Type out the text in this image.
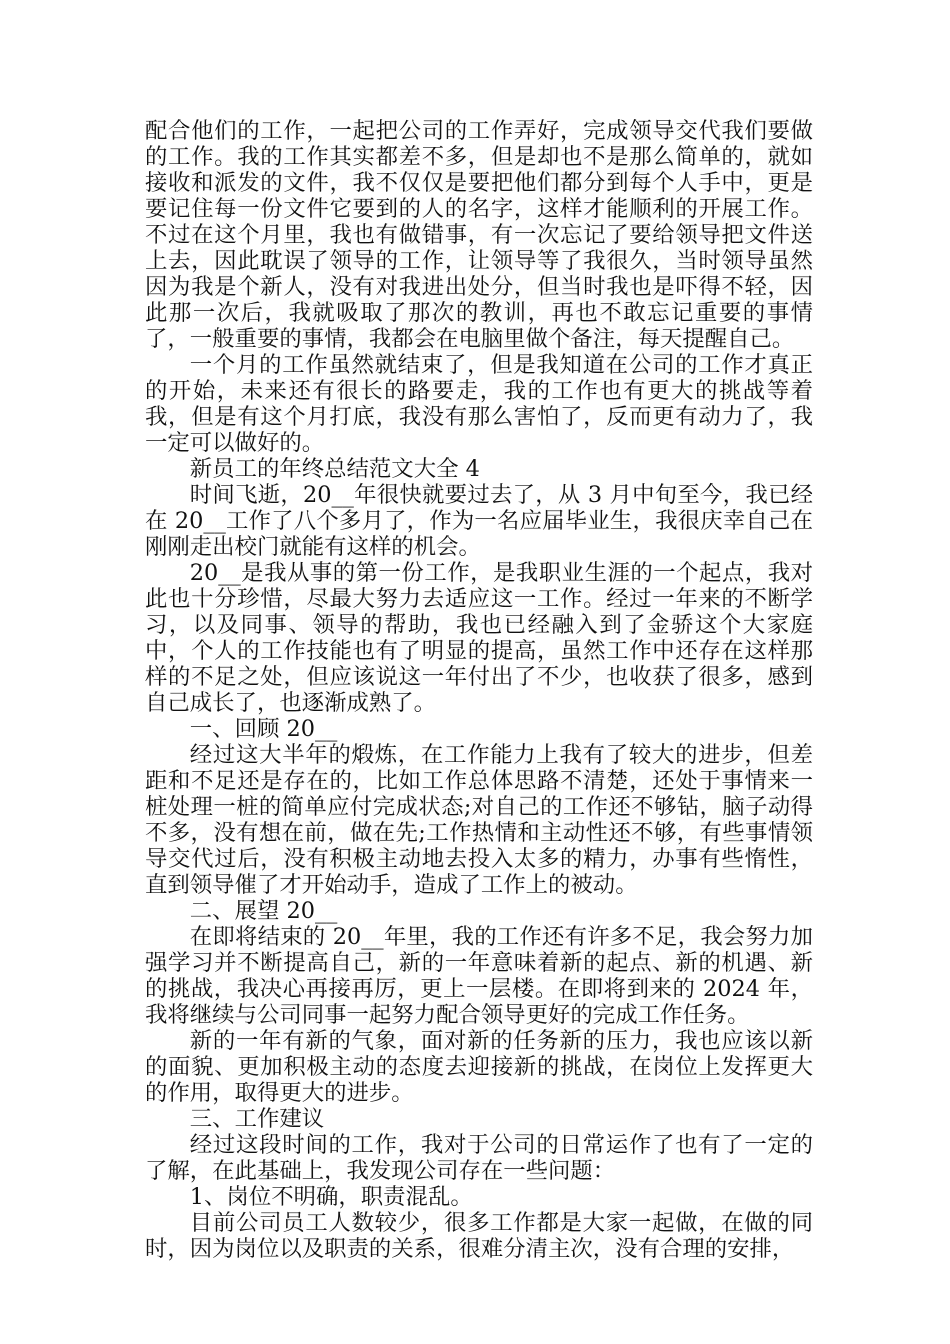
配合他们的工作，一起把公司的工作弄好，完成领导交代我们要做的工作。我的工作其实都差不多，但是却也不是那么简单的，就如接收和派发的文件，我不仅仅是要把他们都分到每个人手中，更是要记住每一份文件它要到的人的名字，这样才能顺利的开展工作。不过在这个月里，我也有做错事，有一次忘记了要给领导把文件送上去，因此耽误了领导的工作，让领导等了我很久，当时领导虽然因为我是个新人，没有对我进出处分，但当时我也是吓得不轻，因此那一次后，我就吸取了那次的教训，再也不敢忘记重要的事情了，一般重要的事情，我都会在电脑里做个备注，每天提醒自己。

一个月的工作虽然就结束了，但是我知道在公司的工作才真正的开始，未来还有很长的路要走，我的工作也有更大的挑战等着我，但是有这个月打底，我没有那么害怕了，反而更有动力了，我一定可以做好的。

新员工的年终总结范文大全 4

时间飞逝，20__年很快就要过去了，从 3 月中旬至今，我已经在 20__工作了八个多月了，作为一名应届毕业生，我很庆幸自己在刚刚走出校门就能有这样的机会。

20__是我从事的第一份工作，是我职业生涯的一个起点，我对此也十分珍惜，尽最大努力去适应这一工作。经过一年来的不断学习，以及同事、领导的帮助，我也已经融入到了金骄这个大家庭中，个人的工作技能也有了明显的提高，虽然工作中还存在这样那样的不足之处，但应该说这一年付出了不少，也收获了很多，感到自己成长了，也逐渐成熟了。

一、回顾 20__

经过这大半年的煅炼，在工作能力上我有了较大的进步，但差距和不足还是存在的，比如工作总体思路不清楚，还处于事情来一桩处理一桩的简单应付完成状态;对自己的工作还不够钻，脑子动得不多，没有想在前，做在先;工作热情和主动性还不够，有些事情领导交代过后，没有积极主动地去投入太多的精力，办事有些惰性，直到领导催了才开始动手，造成了工作上的被动。

二、展望 20__

在即将结束的 20__年里，我的工作还有许多不足，我会努力加强学习并不断提高自己，新的一年意味着新的起点、新的机遇、新的挑战，我决心再接再厉，更上一层楼。在即将到来的 2024 年，我将继续与公司同事一起努力配合领导更好的完成工作任务。

新的一年有新的气象，面对新的任务新的压力，我也应该以新的面貌、更加积极主动的态度去迎接新的挑战，在岗位上发挥更大的作用，取得更大的进步。

三、工作建议

经过这段时间的工作，我对于公司的日常运作了也有了一定的了解，在此基础上，我发现公司存在一些问题：

1、岗位不明确，职责混乱。

目前公司员工人数较少，很多工作都是大家一起做，在做的同时，因为岗位以及职责的关系，很难分清主次，没有合理的安排，
